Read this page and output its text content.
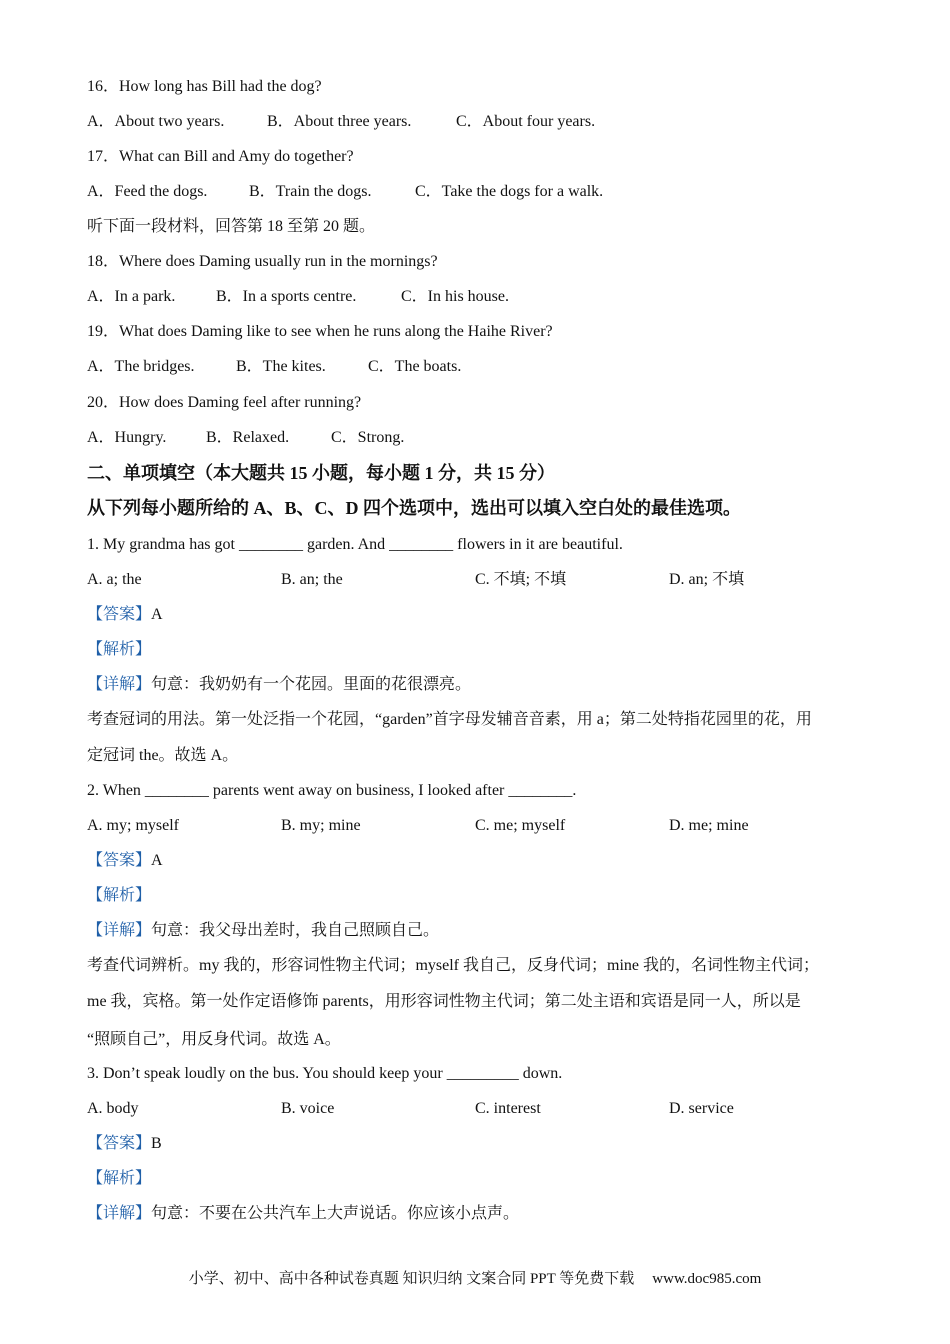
16．How long has Bill had the dog?
A．About two years.	B．About three years.	C．About four years.
17．What can Bill and Amy do together?
A．Feed the dogs.	B．Train the dogs.	C．Take the dogs for a walk.
听下面一段材料，回答第 18 至第 20 题。
18．Where does Daming usually run in the mornings?
A．In a park.	B．In a sports centre.	C．In his house.
19．What does Daming like to see when he runs along the Haihe River?
A．The bridges.	B．The kites.	C．The boats.
20．How does Daming feel after running?
A．Hungry. B．Relaxed.	C．Strong.
二、单项填空（本大题共 15 小题，每小题 1 分，共 15 分）
从下列每小题所给的 A、B、C、D 四个选项中，选出可以填入空白处的最佳选项。
1. My grandma has got ________ garden. And ________ flowers in it are beautiful.
A. a; the	B. an; the	C. 不填; 不填	D. an; 不填
【答案】A
【解析】
【详解】句意：我奶奶有一个花园。里面的花很漂亮。
考查冠词的用法。第一处泛指一个花园，“garden”首字母发辅音音素，用 a；第二处特指花园里的花，用
定冠词 the。故选 A。
2. When ________ parents went away on business, I looked after ________.
A. my; myself	B. my; mine	C. me; myself	D. me; mine
【答案】A
【解析】
【详解】句意：我父母出差时，我自己照顾自己。
考查代词辨析。my 我的，形容词性物主代词；myself 我自己，反身代词；mine 我的，名词性物主代词；
me 我，宾格。第一处作定语修饰 parents，用形容词性物主代词；第二处主语和宾语是同一人，所以是
“照顾自己”，用反身代词。故选 A。
3. Don’t speak loudly on the bus. You should keep your _________ down.
A. body	B. voice	C. interest	D. service
【答案】B
【解析】
【详解】句意：不要在公共汽车上大声说话。你应该小点声。
小学、初中、高中各种试卷真题 知识归纳 文案合同 PPT 等免费下载 www.doc985.com
